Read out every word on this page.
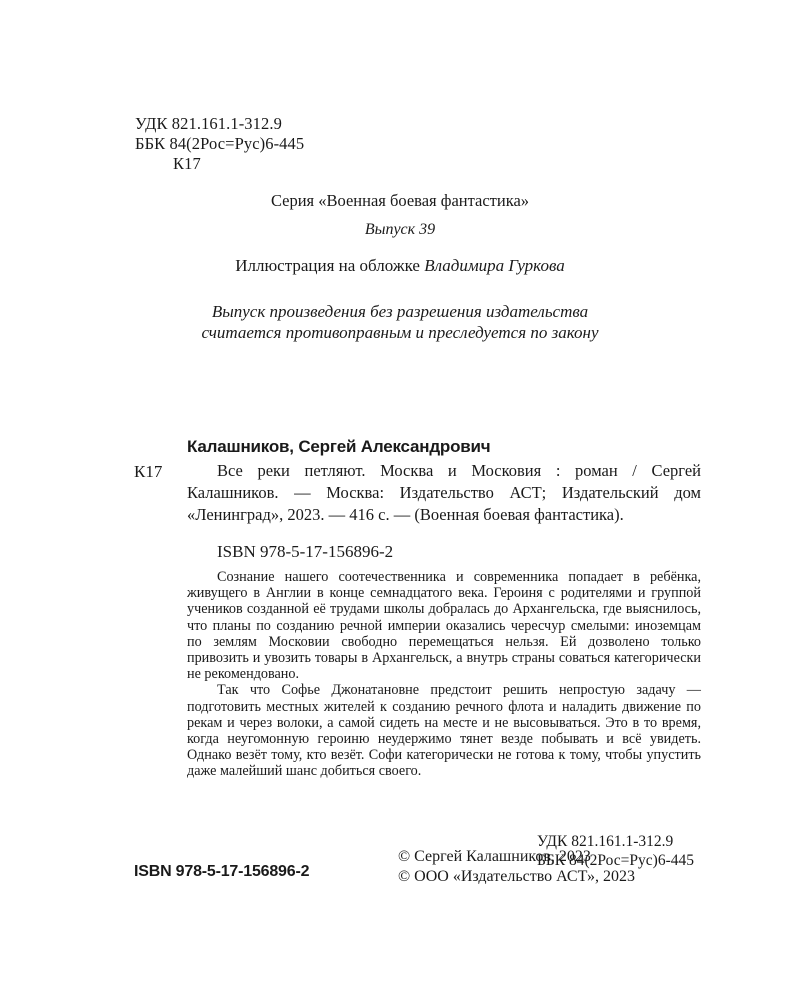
УДК 821.161.1-312.9
ББК 84(2Рос=Рус)6-445
К17
Серия «Военная боевая фантастика»
Выпуск 39
Иллюстрация на обложке Владимира Гуркова
Выпуск произведения без разрешения издательства
считается противоправным и преследуется по закону
Калашников, Сергей Александрович
К17	Все реки петляют. Москва и Московия : роман / Сергей Калашников. — Москва: Издательство АСТ; Издательский дом «Ленинград», 2023. — 416 с. — (Военная боевая фантастика).
ISBN 978-5-17-156896-2

Сознание нашего соотечественника и современника попадает в ребёнка, живущего в Англии в конце семнадцатого века. Героиня с родителями и группой учеников созданной её трудами школы добралась до Архангельска, где выяснилось, что планы по созданию речной империи оказались чересчур смелыми: иноземцам по землям Московии свободно перемещаться нельзя. Ей дозволено только привозить и увозить товары в Архангельск, а внутрь страны соваться категорически не рекомендовано.

Так что Софье Джонатановне предстоит решить непростую задачу — подготовить местных жителей к созданию речного флота и наладить движение по рекам и через волоки, а самой сидеть на месте и не высовываться. Это в то время, когда неугомонную героиню неудержимо тянет везде побывать и всё увидеть. Однако везёт тому, кто везёт. Софи категорически не готова к тому, чтобы упустить даже малейший шанс добиться своего.

УДК 821.161.1-312.9
ББК 84(2Рос=Рус)6-445
© Сергей Калашников, 2023
© ООО «Издательство АСТ», 2023
ISBN 978-5-17-156896-2
